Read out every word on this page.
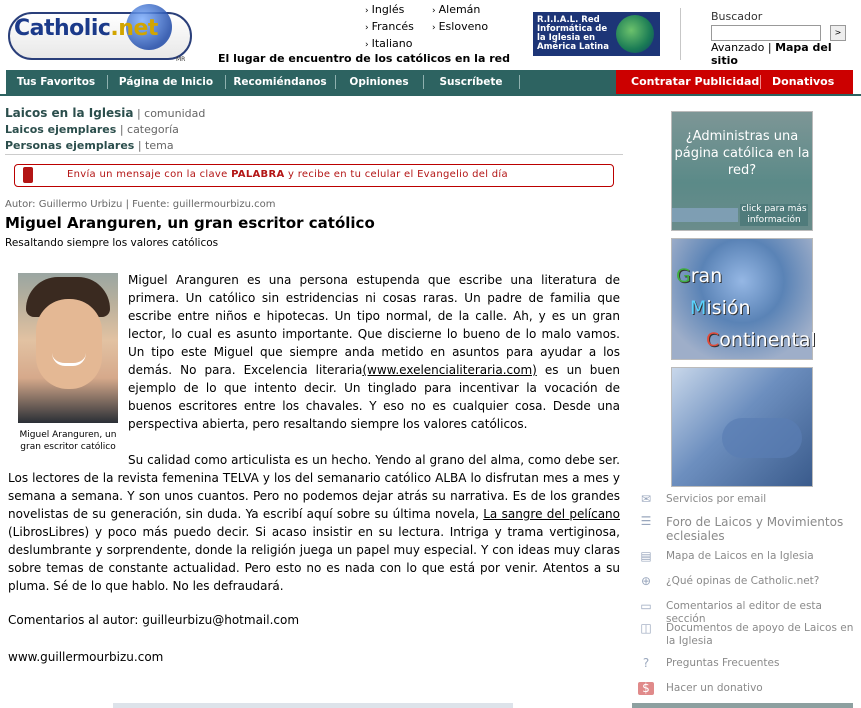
Catholic.net
MR	El lugar de encuentro de los católicos en la red
› Inglés
› Francés
› Italiano
› Alemán
› Esloveno	R.I.I.A.L. Red Informática de la Iglesia en América Latina
Buscador
>
Avanzado | Mapa del sitio
Tus Favoritos	Página de Inicio	Recomiéndanos	Opiniones	Suscríbete	Contratar Publicidad Donativos
Laicos en la Iglesia | comunidad
Laicos ejemplares | categoría
Personas ejemplares | tema
Envía un mensaje con la clave PALABRA y recibe en tu celular el Evangelio del día
Autor: Guillermo Urbizu | Fuente: guillermourbizu.com
Miguel Aranguren, un gran escritor católico
Resaltando siempre los valores católicos
Miguel Aranguren, un gran escritor católico
Miguel Aranguren es una persona estupenda que escribe una literatura de primera. Un católico sin estridencias ni cosas raras. Un padre de familia que escribe entre niños e hipotecas. Un tipo normal, de la calle. Ah, y es un gran lector, lo cual es asunto importante. Que discierne lo bueno de lo malo vamos. Un tipo este Miguel que siempre anda metido en asuntos para ayudar a los demás. No para. Excelencia literaria(www.exelencialiteraria.com) es un buen ejemplo de lo que intento decir. Un tinglado para incentivar la vocación de buenos escritores entre los chavales. Y eso no es cualquier cosa. Desde una perspectiva abierta, pero resaltando siempre los valores católicos.
Su calidad como articulista es un hecho. Yendo al grano del alma, como debe ser. Los lectores de la revista femenina TELVA y los del semanario católico ALBA lo disfrutan mes a mes y semana a semana. Y son unos cuantos. Pero no podemos dejar atrás su narrativa. Es de los grandes novelistas de su generación, sin duda. Ya escribí aquí sobre su última novela, La sangre del pelícano (LibrosLibres) y poco más puedo decir. Si acaso insistir en su lectura. Intriga y trama vertiginosa, deslumbrante y sorprendente, donde la religión juega un papel muy especial. Y con ideas muy claras sobre temas de constante actualidad. Pero esto no es nada con lo que está por venir. Atentos a su pluma. Sé de lo que hablo. No les defraudará.
Comentarios al autor: guilleurbizu@hotmail.com
www.guillermourbizu.com
¿Administras una página católica en la red?
click para más información
Gran
Misión
Continental
✉ Servicios por email
☰ Foro de Laicos y Movimientos eclesiales
▤ Mapa de Laicos en la Iglesia
⊕ ¿Qué opinas de Catholic.net?
▭ Comentarios al editor de esta sección
◫ Documentos de apoyo de Laicos en la Iglesia
?	Preguntas Frecuentes
$	Hacer un donativo
